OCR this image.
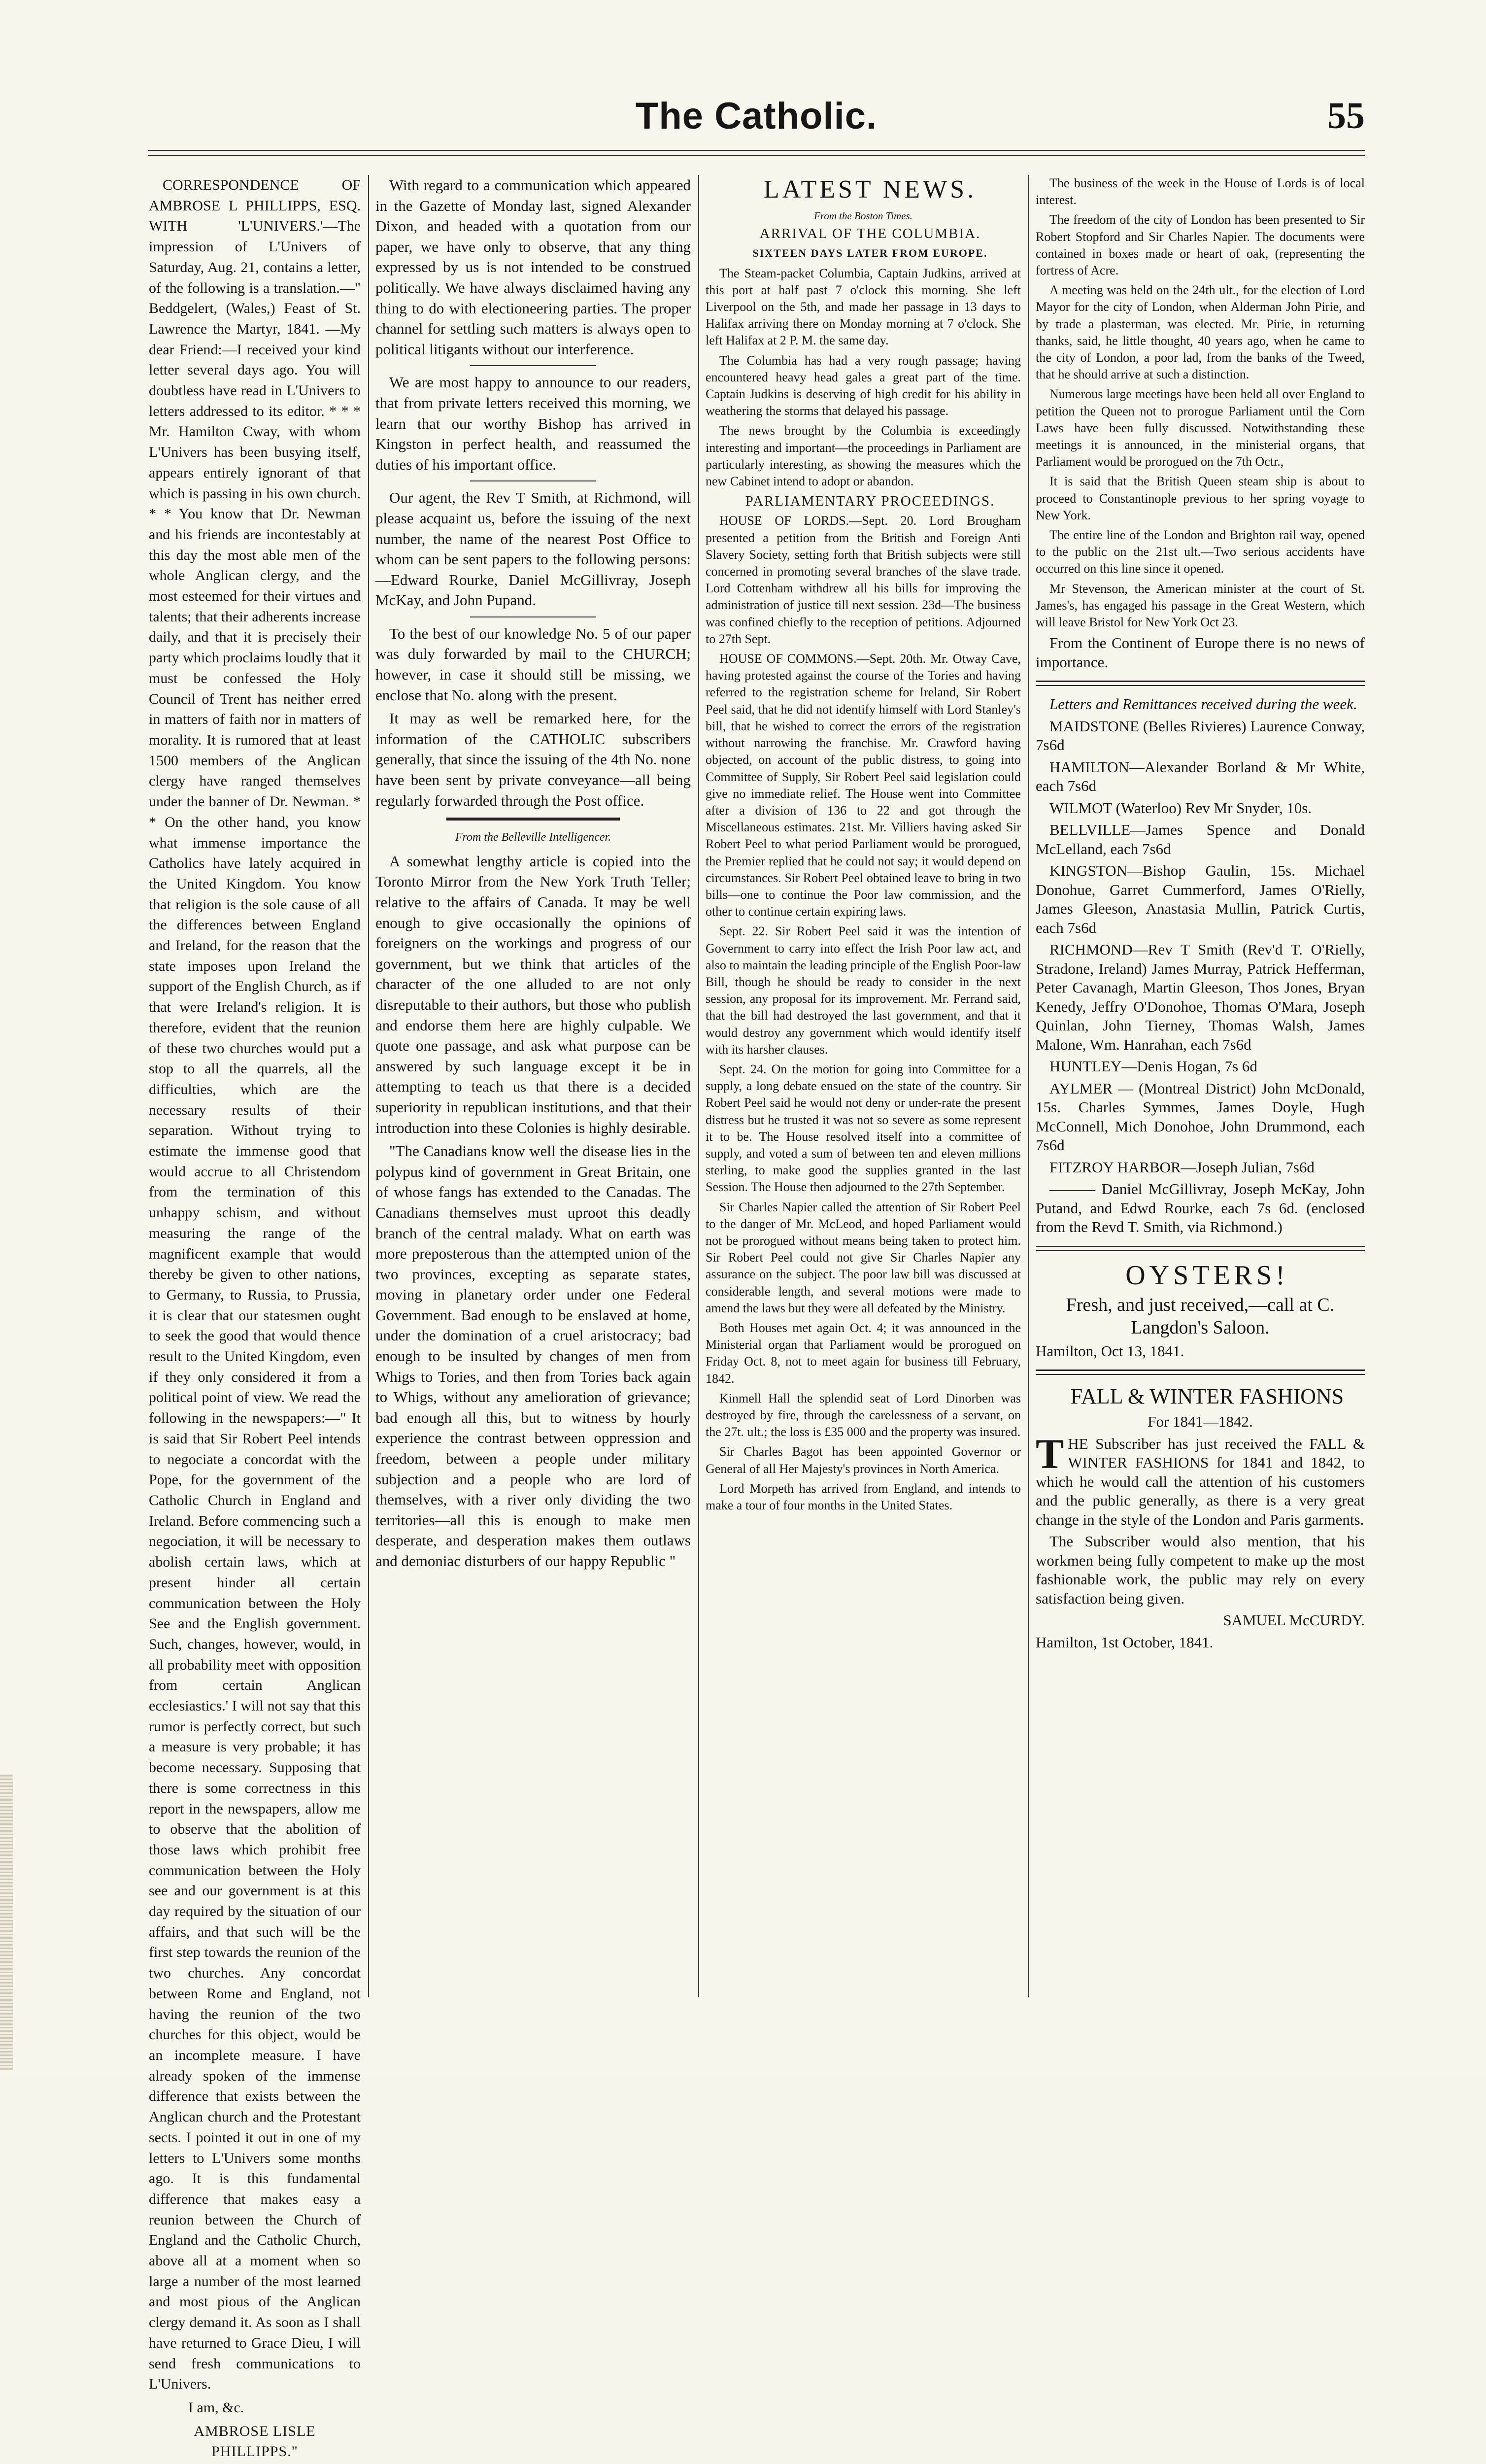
The Catholic.	55

CORRESPONDENCE OF AMBROSE L PHILLIPPS, ESQ. WITH 'L'UNIVERS.'—The impression of L'Univers of Saturday, Aug. 21, contains a letter, of the following is a translation.—" Beddgelert, (Wales,) Feast of St. Lawrence the Martyr, 1841. —My dear Friend:—I received your kind letter several days ago. You will doubtless have read in L'Univers to letters addressed to its editor. * * * Mr. Hamilton Cway, with whom L'Univers has been busying itself, appears entirely ignorant of that which is passing in his own church. * * You know that Dr. Newman and his friends are incontestably at this day the most able men of the whole Anglican clergy, and the most esteemed for their virtues and talents; that their adherents increase daily, and that it is precisely their party which proclaims loudly that it must be confessed the Holy Council of Trent has neither erred in matters of faith nor in matters of morality. It is rumored that at least 1500 members of the Anglican clergy have ranged themselves under the banner of Dr. Newman. * * On the other hand, you know what immense importance the Catholics have lately acquired in the United Kingdom. You know that religion is the sole cause of all the differences between England and Ireland, for the reason that the state imposes upon Ireland the support of the English Church, as if that were Ireland's religion. It is therefore, evident that the reunion of these two churches would put a stop to all the quarrels, all the difficulties, which are the necessary results of their separation. Without trying to estimate the immense good that would accrue to all Christendom from the termination of this unhappy schism, and without measuring the range of the magnificent example that would thereby be given to other nations, to Germany, to Russia, to Prussia, it is clear that our statesmen ought to seek the good that would thence result to the United Kingdom, even if they only considered it from a political point of view. We read the following in the newspapers:—" It is said that Sir Robert Peel intends to negociate a concordat with the Pope, for the government of the Catholic Church in England and Ireland. Before commencing such a negociation, it will be necessary to abolish certain laws, which at present hinder all certain communication between the Holy See and the English government. Such, changes, however, would, in all probability meet with opposition from certain Anglican ecclesiastics.' I will not say that this rumor is perfectly correct, but such a measure is very probable; it has become necessary. Supposing that there is some correctness in this report in the newspapers, allow me to observe that the abolition of those laws which prohibit free communication between the Holy see and our government is at this day required by the situation of our affairs, and that such will be the first step towards the reunion of the two churches. Any concordat between Rome and England, not having the reunion of the two churches for this object, would be an incomplete measure. I have already spoken of the immense difference that exists between the Anglican church and the Protestant sects. I pointed it out in one of my letters to L'Univers some months ago. It is this fundamental difference that makes easy a reunion between the Church of England and the Catholic Church, above all at a moment when so large a number of the most learned and most pious of the Anglican clergy demand it. As soon as I shall have returned to Grace Dieu, I will send fresh communications to L'Univers.

I am, &c.

AMBROSE LISLE PHILLIPPS."

With regard to a communication which appeared in the Gazette of Monday last, signed Alexander Dixon, and headed with a quotation from our paper, we have only to observe, that any thing expressed by us is not intended to be construed politically. We have always disclaimed having any thing to do with electioneering parties. The proper channel for settling such matters is always open to political litigants without our interference.

We are most happy to announce to our readers, that from private letters received this morning, we learn that our worthy Bishop has arrived in Kingston in perfect health, and reassumed the duties of his important office.

Our agent, the Rev T Smith, at Richmond, will please acquaint us, before the issuing of the next number, the name of the nearest Post Office to whom can be sent papers to the following persons:—Edward Rourke, Daniel McGillivray, Joseph McKay, and John Pupand.

To the best of our knowledge No. 5 of our paper was duly forwarded by mail to the CHURCH; however, in case it should still be missing, we enclose that No. along with the present.

It may as well be remarked here, for the information of the CATHOLIC subscribers generally, that since the issuing of the 4th No. none have been sent by private conveyance—all being regularly forwarded through the Post office.

From the Belleville Intelligencer.

A somewhat lengthy article is copied into the Toronto Mirror from the New York Truth Teller; relative to the affairs of Canada. It may be well enough to give occasionally the opinions of foreigners on the workings and progress of our government, but we think that articles of the character of the one alluded to are not only disreputable to their authors, but those who publish and endorse them here are highly culpable. We quote one passage, and ask what purpose can be answered by such language except it be in attempting to teach us that there is a decided superiority in republican institutions, and that their introduction into these Colonies is highly desirable.

"The Canadians know well the disease lies in the polypus kind of government in Great Britain, one of whose fangs has extended to the Canadas. The Canadians themselves must uproot this deadly branch of the central malady. What on earth was more preposterous than the attempted union of the two provinces, excepting as separate states, moving in planetary order under one Federal Government. Bad enough to be enslaved at home, under the domination of a cruel aristocracy; bad enough to be insulted by changes of men from Whigs to Tories, and then from Tories back again to Whigs, without any amelioration of grievance; bad enough all this, but to witness by hourly experience the contrast between oppression and freedom, between a people under military subjection and a people who are lord of themselves, with a river only dividing the two territories—all this is enough to make men desperate, and desperation makes them outlaws and demoniac disturbers of our happy Republic "

LATEST NEWS.

From the Boston Times.

ARRIVAL OF THE COLUMBIA.

SIXTEEN DAYS LATER FROM EUROPE.

The Steam-packet Columbia, Captain Judkins, arrived at this port at half past 7 o'clock this morning. She left Liverpool on the 5th, and made her passage in 13 days to Halifax arriving there on Monday morning at 7 o'clock. She left Halifax at 2 P. M. the same day.

The Columbia has had a very rough passage; having encountered heavy head gales a great part of the time. Captain Judkins is deserving of high credit for his ability in weathering the storms that delayed his passage.

The news brought by the Columbia is exceedingly interesting and important—the proceedings in Parliament are particularly interesting, as showing the measures which the new Cabinet intend to adopt or abandon.

PARLIAMENTARY PROCEEDINGS.

HOUSE OF LORDS.—Sept. 20. Lord Brougham presented a petition from the British and Foreign Anti Slavery Society, setting forth that British subjects were still concerned in promoting several branches of the slave trade. Lord Cottenham withdrew all his bills for improving the administration of justice till next session. 23d—The business was confined chiefly to the reception of petitions. Adjourned to 27th Sept.

HOUSE OF COMMONS.—Sept. 20th. Mr. Otway Cave, having protested against the course of the Tories and having referred to the registration scheme for Ireland, Sir Robert Peel said, that he did not identify himself with Lord Stanley's bill, that he wished to correct the errors of the registration without narrowing the franchise. Mr. Crawford having objected, on account of the public distress, to going into Committee of Supply, Sir Robert Peel said legislation could give no immediate relief. The House went into Committee after a division of 136 to 22 and got through the Miscellaneous estimates. 21st. Mr. Villiers having asked Sir Robert Peel to what period Parliament would be prorogued, the Premier replied that he could not say; it would depend on circumstances. Sir Robert Peel obtained leave to bring in two bills—one to continue the Poor law commission, and the other to continue certain expiring laws.

Sept. 22. Sir Robert Peel said it was the intention of Government to carry into effect the Irish Poor law act, and also to maintain the leading principle of the English Poor-law Bill, though he should be ready to consider in the next session, any proposal for its improvement. Mr. Ferrand said, that the bill had destroyed the last government, and that it would destroy any government which would identify itself with its harsher clauses.

Sept. 24. On the motion for going into Committee for a supply, a long debate ensued on the state of the country. Sir Robert Peel said he would not deny or under-rate the present distress but he trusted it was not so severe as some represent it to be. The House resolved itself into a committee of supply, and voted a sum of between ten and eleven millions sterling, to make good the supplies granted in the last Session. The House then adjourned to the 27th September.

Sir Charles Napier called the attention of Sir Robert Peel to the danger of Mr. McLeod, and hoped Parliament would not be prorogued without means being taken to protect him. Sir Robert Peel could not give Sir Charles Napier any assurance on the subject. The poor law bill was discussed at considerable length, and several motions were made to amend the laws but they were all defeated by the Ministry.

Both Houses met again Oct. 4; it was announced in the Ministerial organ that Parliament would be prorogued on Friday Oct. 8, not to meet again for business till February, 1842.

Kinmell Hall the splendid seat of Lord Dinorben was destroyed by fire, through the carelessness of a servant, on the 27t. ult.; the loss is £35 000 and the property was insured.

Sir Charles Bagot has been appointed Governor or General of all Her Majesty's provinces in North America.

Lord Morpeth has arrived from England, and intends to make a tour of four months in the United States.

The business of the week in the House of Lords is of local interest.

The freedom of the city of London has been presented to Sir Robert Stopford and Sir Charles Napier. The documents were contained in boxes made or heart of oak, (representing the fortress of Acre.

A meeting was held on the 24th ult., for the election of Lord Mayor for the city of London, when Alderman John Pirie, and by trade a plasterman, was elected. Mr. Pirie, in returning thanks, said, he little thought, 40 years ago, when he came to the city of London, a poor lad, from the banks of the Tweed, that he should arrive at such a distinction.

Numerous large meetings have been held all over England to petition the Queen not to prorogue Parliament until the Corn Laws have been fully discussed. Notwithstanding these meetings it is announced, in the ministerial organs, that Parliament would be prorogued on the 7th Octr.,

It is said that the British Queen steam ship is about to proceed to Constantinople previous to her spring voyage to New York.

The entire line of the London and Brighton rail way, opened to the public on the 21st ult.—Two serious accidents have occurred on this line since it opened.

Mr Stevenson, the American minister at the court of St. James's, has engaged his passage in the Great Western, which will leave Bristol for New York Oct 23.

From the Continent of Europe there is no news of importance.

Letters and Remittances received during the week.

MAIDSTONE (Belles Rivieres) Laurence Conway, 7s6d

HAMILTON—Alexander Borland & Mr White, each 7s6d

WILMOT (Waterloo) Rev Mr Snyder, 10s.

BELLVILLE—James Spence and Donald McLelland, each 7s6d

KINGSTON—Bishop Gaulin, 15s. Michael Donohue, Garret Cummerford, James O'Rielly, James Gleeson, Anastasia Mullin, Patrick Curtis, each 7s6d

RICHMOND—Rev T Smith (Rev'd T. O'Rielly, Stradone, Ireland) James Murray, Patrick Hefferman, Peter Cavanagh, Martin Gleeson, Thos Jones, Bryan Kenedy, Jeffry O'Donohoe, Thomas O'Mara, Joseph Quinlan, John Tierney, Thomas Walsh, James Malone, Wm. Hanrahan, each 7s6d

HUNTLEY—Denis Hogan, 7s 6d

AYLMER — (Montreal District) John McDonald, 15s. Charles Symmes, James Doyle, Hugh McConnell, Mich Donohoe, John Drummond, each 7s6d

FITZROY HARBOR—Joseph Julian, 7s6d

——— Daniel McGillivray, Joseph McKay, John Putand, and Edwd Rourke, each 7s 6d. (enclosed from the Revd T. Smith, via Richmond.)

OYSTERS!

Fresh, and just received,—call at C. Langdon's Saloon.

Hamilton, Oct 13, 1841.

FALL & WINTER FASHIONS

For 1841—1842.

THE Subscriber has just received the FALL & WINTER FASHIONS for 1841 and 1842, to which he would call the attention of his customers and the public generally, as there is a very great change in the style of the London and Paris garments.

The Subscriber would also mention, that his workmen being fully competent to make up the most fashionable work, the public may rely on every satisfaction being given.

SAMUEL McCURDY.

Hamilton, 1st October, 1841.
